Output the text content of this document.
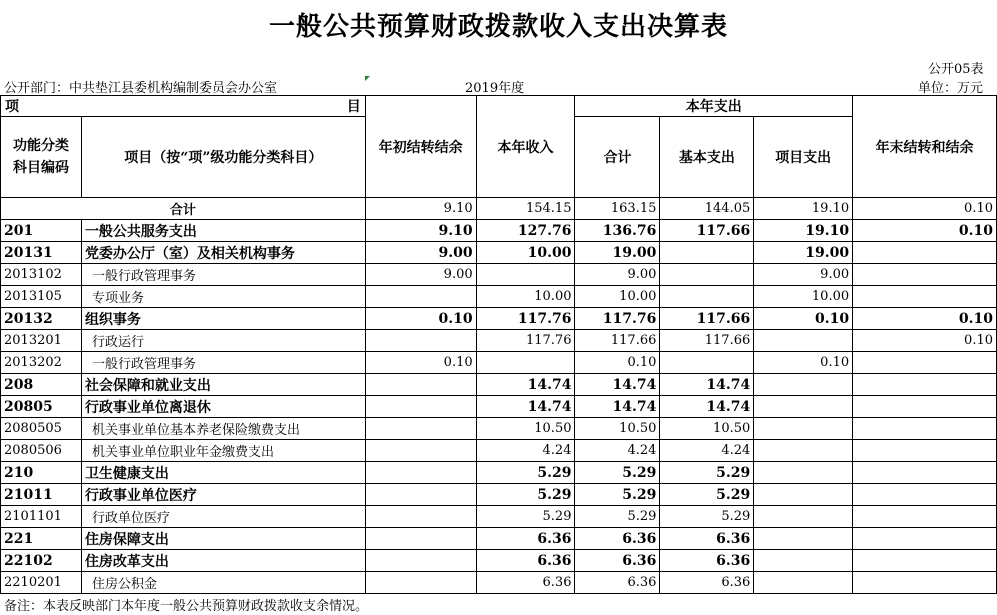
一般公共预算财政拨款收入支出决算表
公开05表
公开部门：中共垫江县委机构编制委员会办公室	2019年度	单位：万元
项 目		年初结转结余	本年收入	本年支出			年末结转和结余

功能分类
科目编码	项目（按“项”级功能分类科目）			合计	基本支出	项目支出	
合计		9.10	154.15	163.15	144.05	19.10	0.10
201	一般公共服务支出	9.10	127.76	136.76	117.66	19.10	0.10
20131	党委办公厅（室）及相关机构事务	9.00	10.00	19.00		19.00	
2013102	一般行政管理事务	9.00		9.00		9.00	
2013105	专项业务		10.00	10.00		10.00	
20132	组织事务	0.10	117.76	117.76	117.66	0.10	0.10
2013201	行政运行		117.76	117.66	117.66		0.10
2013202	一般行政管理事务	0.10		0.10		0.10	
208	社会保障和就业支出		14.74	14.74	14.74		
20805	行政事业单位离退休		14.74	14.74	14.74		
2080505	机关事业单位基本养老保险缴费支出		10.50	10.50	10.50		
2080506	机关事业单位职业年金缴费支出		4.24	4.24	4.24		
210	卫生健康支出		5.29	5.29	5.29		
21011	行政事业单位医疗		5.29	5.29	5.29		
2101101	行政单位医疗		5.29	5.29	5.29		
221	住房保障支出		6.36	6.36	6.36		
22102	住房改革支出		6.36	6.36	6.36		
2210201	住房公积金		6.36	6.36	6.36		
备注：本表反映部门本年度一般公共预算财政拨款收支余情况。
